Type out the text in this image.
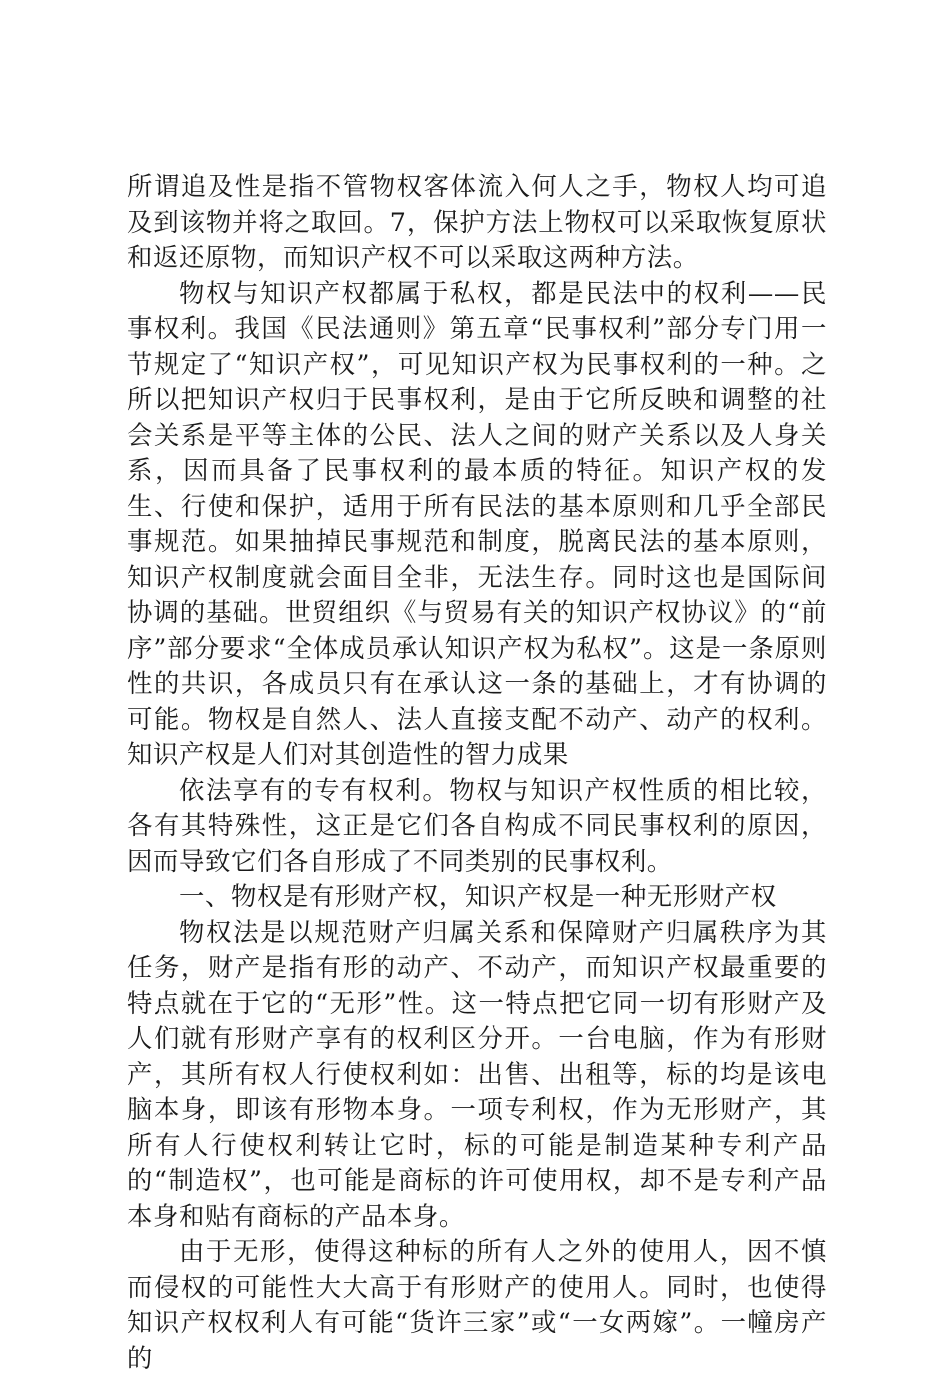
所谓追及性是指不管物权客体流入何人之手，物权人均可追及到该物并将之取回。7，保护方法上物权可以采取恢复原状和返还原物，而知识产权不可以采取这两种方法。

物权与知识产权都属于私权，都是民法中的权利——民事权利。我国《民法通则》第五章“民事权利”部分专门用一节规定了“知识产权”，可见知识产权为民事权利的一种。之所以把知识产权归于民事权利，是由于它所反映和调整的社会关系是平等主体的公民、法人之间的财产关系以及人身关系，因而具备了民事权利的最本质的特征。知识产权的发生、行使和保护，适用于所有民法的基本原则和几乎全部民事规范。如果抽掉民事规范和制度，脱离民法的基本原则，知识产权制度就会面目全非，无法生存。同时这也是国际间协调的基础。世贸组织《与贸易有关的知识产权协议》的“前序”部分要求“全体成员承认知识产权为私权”。这是一条原则性的共识，各成员只有在承认这一条的基础上，才有协调的可能。物权是自然人、法人直接支配不动产、动产的权利。知识产权是人们对其创造性的智力成果

依法享有的专有权利。物权与知识产权性质的相比较，各有其特殊性，这正是它们各自构成不同民事权利的原因，因而导致它们各自形成了不同类别的民事权利。

一、物权是有形财产权，知识产权是一种无形财产权

物权法是以规范财产归属关系和保障财产归属秩序为其任务，财产是指有形的动产、不动产，而知识产权最重要的特点就在于它的“无形”性。这一特点把它同一切有形财产及人们就有形财产享有的权利区分开。一台电脑，作为有形财产，其所有权人行使权利如：出售、出租等，标的均是该电脑本身，即该有形物本身。一项专利权，作为无形财产，其所有人行使权利转让它时，标的可能是制造某种专利产品的“制造权”，也可能是商标的许可使用权，却不是专利产品本身和贴有商标的产品本身。

由于无形，使得这种标的所有人之外的使用人，因不慎而侵权的可能性大大高于有形财产的使用人。同时，也使得知识产权权利人有可能“货许三家”或“一女两嫁”。一幢房产的
